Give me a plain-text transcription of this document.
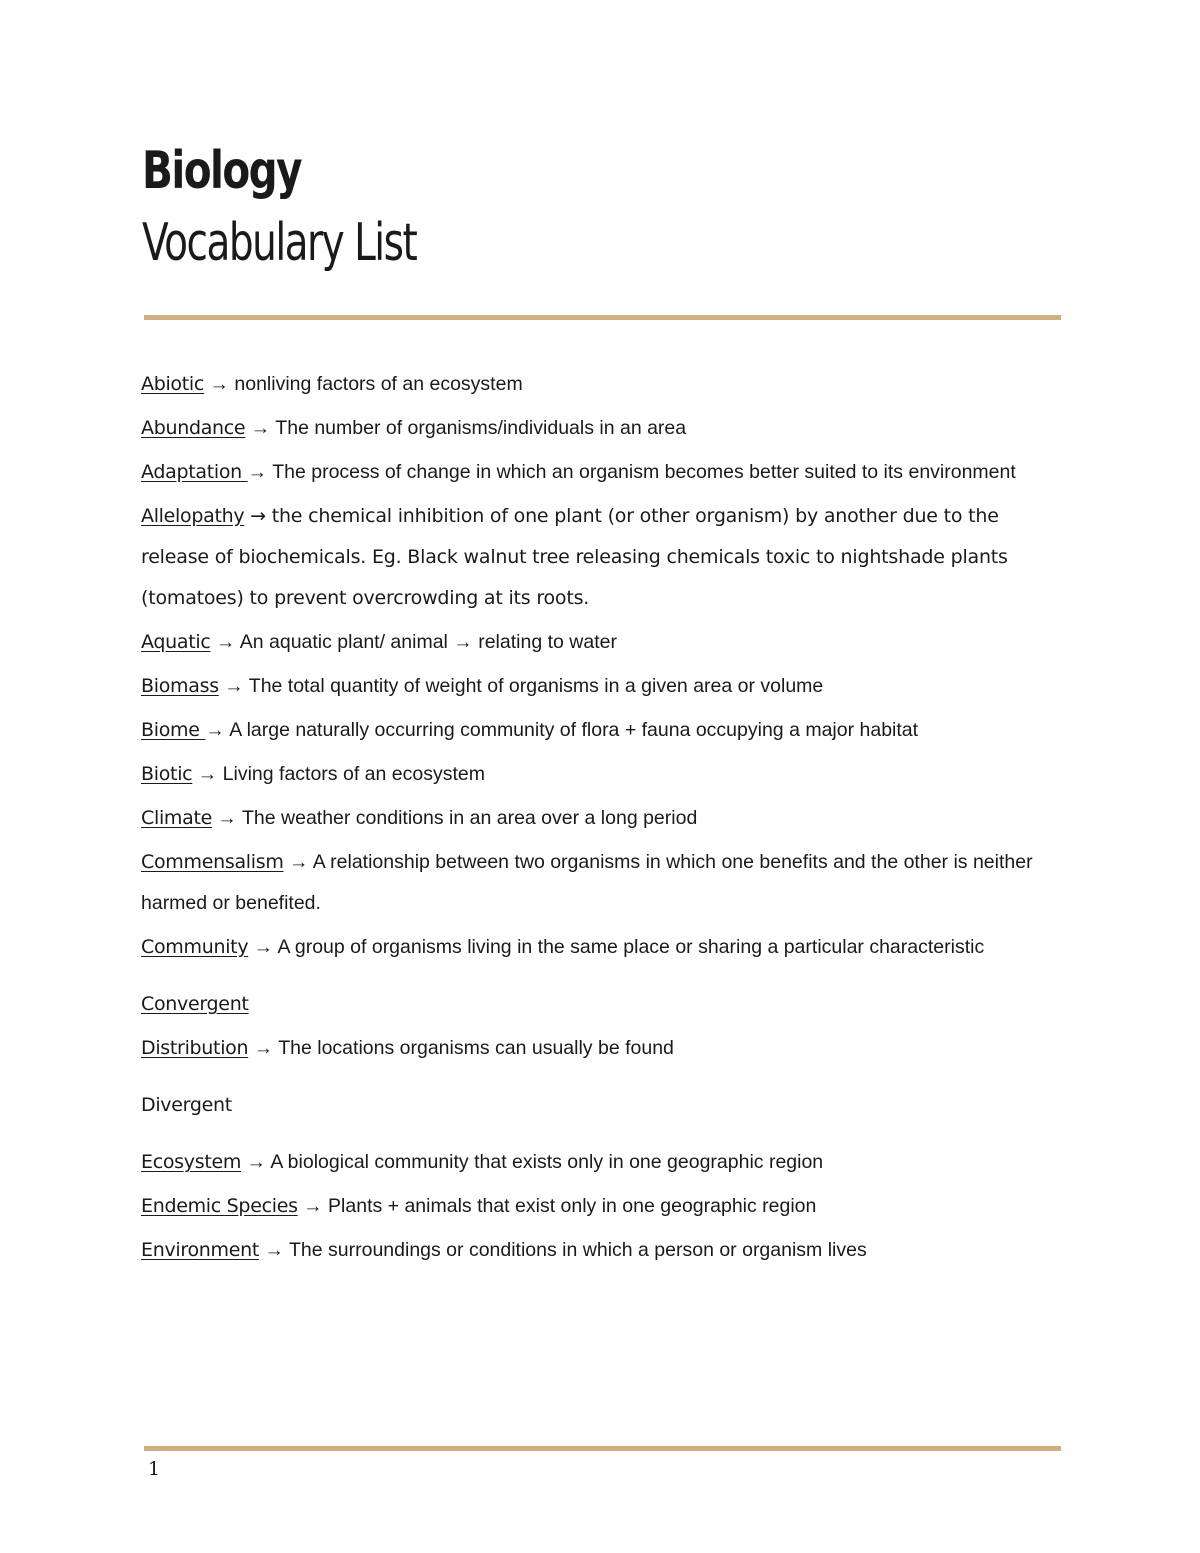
Biology
Vocabulary List

Abiotic → nonliving factors of an ecosystem

Abundance → The number of organisms/individuals in an area

Adaptation → The process of change in which an organism becomes better suited to its environment

Allelopathy → the chemical inhibition of one plant (or other organism) by another due to the release of biochemicals. Eg. Black walnut tree releasing chemicals toxic to nightshade plants (tomatoes) to prevent overcrowding at its roots.

Aquatic → An aquatic plant/ animal → relating to water

Biomass → The total quantity of weight of organisms in a given area or volume

Biome → A large naturally occurring community of flora + fauna occupying a major habitat

Biotic → Living factors of an ecosystem

Climate → The weather conditions in an area over a long period

Commensalism → A relationship between two organisms in which one benefits and the other is neither harmed or benefited.

Community → A group of organisms living in the same place or sharing a particular characteristic

Convergent

Distribution → The locations organisms can usually be found

Divergent

Ecosystem → A biological community that exists only in one geographic region

Endemic Species → Plants + animals that exist only in one geographic region

Environment → The surroundings or conditions in which a person or organism lives

1
